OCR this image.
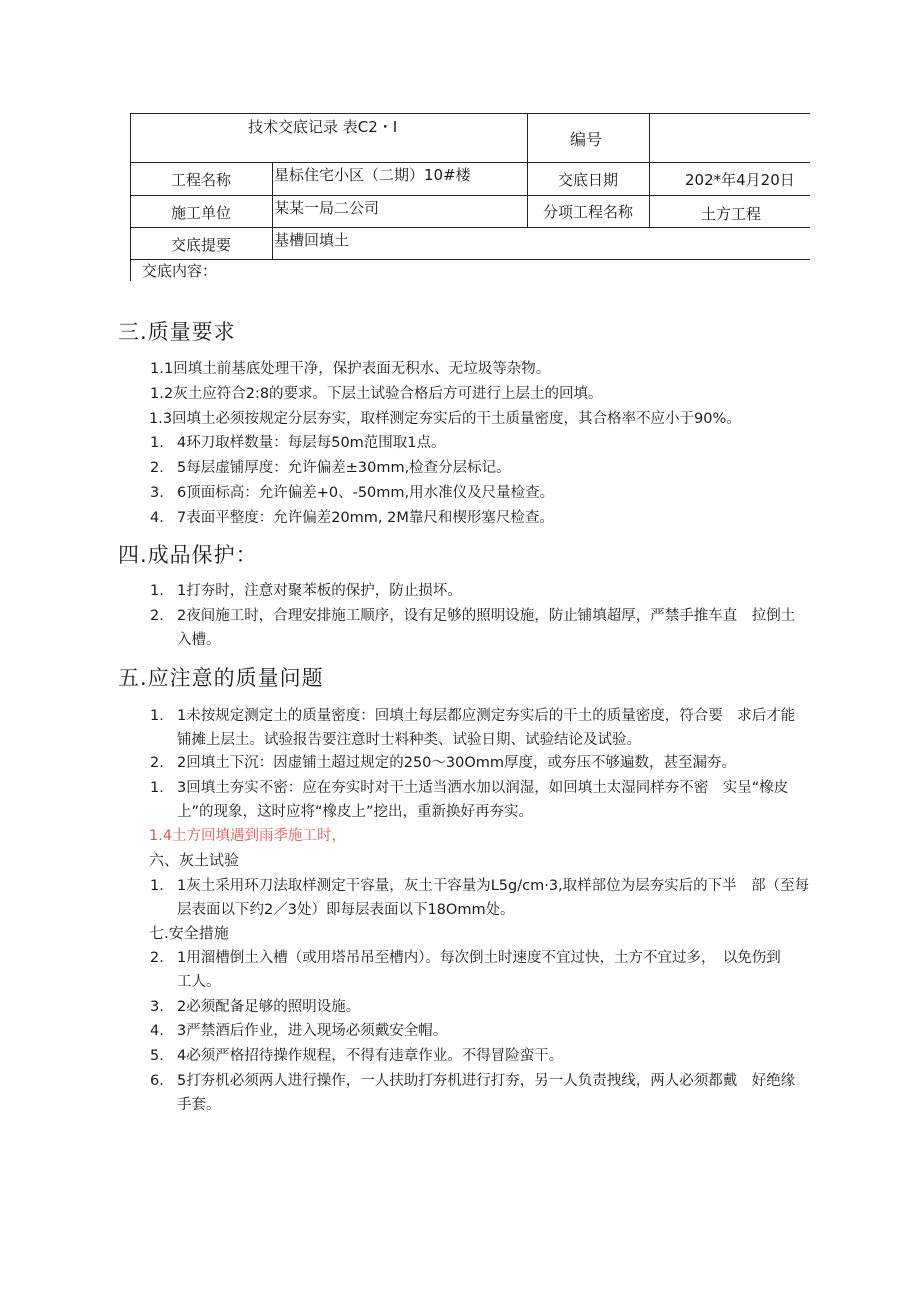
技术交底记录 表C2・I
编号
工程名称	星标住宅小区（二期）10#楼	交底日期	202*年4月20日
施工单位	某某一局二公司	分项工程名称	土方工程
交底提要	基槽回填土
交底内容：
三.质量要求
1. 1回填土前基底处理干净，保护表面无积水、无垃圾等杂物。
1. 2灰土应符合2:8的要求。下层土试验合格后方可进行上层土的回填。
1.3回填土必须按规定分层夯实，取样测定夯实后的干土质量密度，其合格率不应小于90%。
1. 4环刀取样数量：每层每50m范围取1点。
2. 5每层虚铺厚度：允许偏差±30mm,检查分层标记。
3. 6顶面标高：允许偏差+0、-50mm,用水准仪及尺量检查。
4. 7表面平整度：允许偏差20mm, 2M靠尺和楔形塞尺检查。
四.成品保护：
1. 1打夯时，注意对聚苯板的保护，防止损坏。
2. 2夜间施工时，合理安排施工顺序，设有足够的照明设施，防止铺填超厚，严禁手推车直　拉倒土
入槽。
五.应注意的质量问题
1. 1未按规定测定土的质量密度：回填土每层都应测定夯实后的干土的质量密度，符合要　求后才能
铺摊上层土。试验报告要注意时士料种类、试验日期、试验结论及试验。
2. 2回填土下沉：因虚铺土超过规定的250～30Omm厚度，或夯压不够遍数，甚至漏夯。
1. 3回填土夯实不密：应在夯实时对干土适当洒水加以润湿，如回填土太湿同样夯不密　实呈“橡皮
上”的现象，这时应将“橡皮上”挖出，重新换好再夯实。
1.4土方回填遇到雨季施工时，
六、灰土试验
1. 1灰土采用环刀法取样测定干容量，灰土干容量为L5g∕cm·3,取样部位为层夯实后的下半　部（至每
层表面以下约2／3处）即每层表面以下18Omm处。
七.安全措施
2. 1用溜槽倒土入槽（或用塔吊吊至槽内）。每次倒土时速度不宜过快，土方不宜过多，　以免伤到
工人。
3. 2必须配备足够的照明设施。
4. 3严禁酒后作业，进入现场必须戴安全帽。
5. 4必须严格招待操作规程，不得有违章作业。不得冒险蛮干。
6. 5打夯机必须两人进行操作，一人扶助打夯机进行打夯，另一人负责拽线，两人必须都戴　好绝缘
手套。
